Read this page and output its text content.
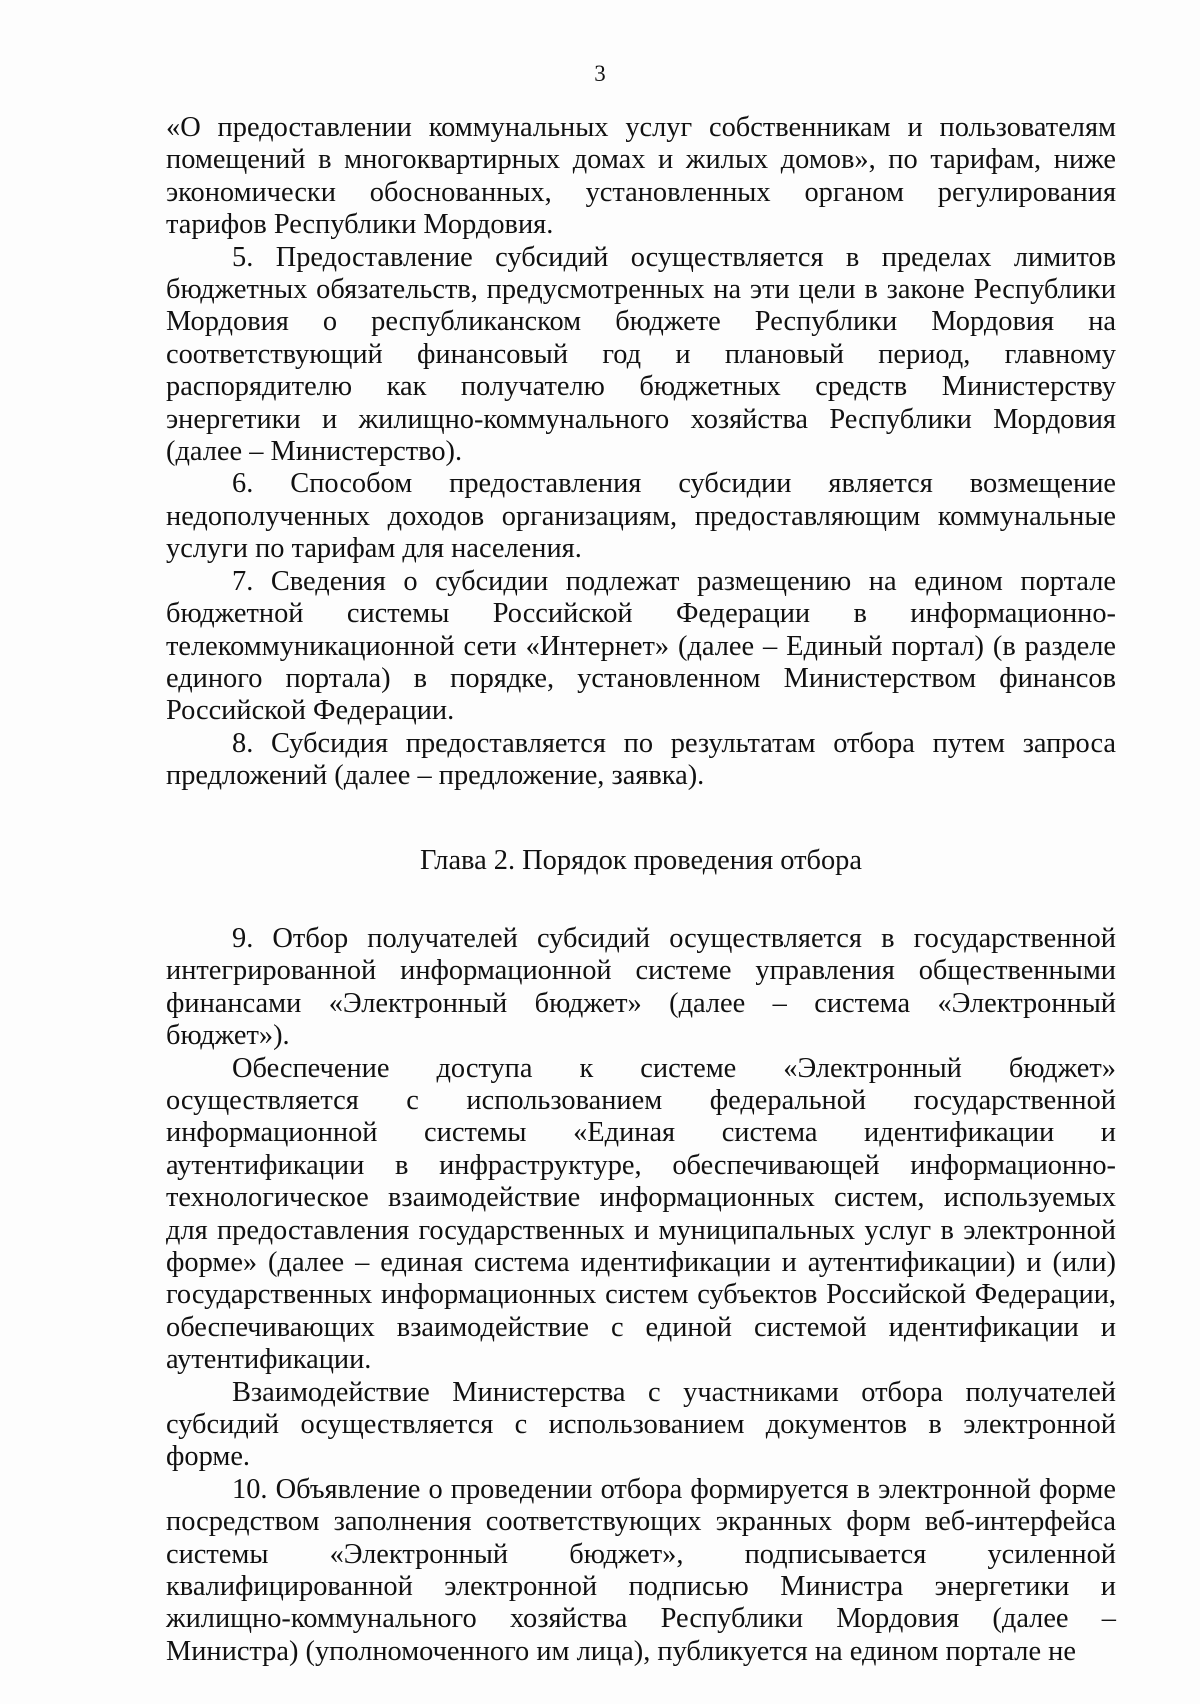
3

«О предоставлении коммунальных услуг собственникам и пользователям помещений в многоквартирных домах и жилых домов», по тарифам, ниже экономически обоснованных, установленных органом регулирования тарифов Республики Мордовия.

5. Предоставление субсидий осуществляется в пределах лимитов бюджетных обязательств, предусмотренных на эти цели в законе Республики Мордовия о республиканском бюджете Республики Мордовия на соответствующий финансовый год и плановый период, главному распорядителю как получателю бюджетных средств Министерству энергетики и жилищно-коммунального хозяйства Республики Мордовия (далее – Министерство).

6. Способом предоставления субсидии является возмещение недополученных доходов организациям, предоставляющим коммунальные услуги по тарифам для населения.

7. Сведения о субсидии подлежат размещению на едином портале бюджетной системы Российской Федерации в информационно-телекоммуникационной сети «Интернет» (далее – Единый портал) (в разделе единого портала) в порядке, установленном Министерством финансов Российской Федерации.

8. Субсидия предоставляется по результатам отбора путем запроса предложений (далее – предложение, заявка).

Глава 2. Порядок проведения отбора

9. Отбор получателей субсидий осуществляется в государственной интегрированной информационной системе управления общественными финансами «Электронный бюджет» (далее – система «Электронный бюджет»).

Обеспечение доступа к системе «Электронный бюджет» осуществляется с использованием федеральной государственной информационной системы «Единая система идентификации и аутентификации в инфраструктуре, обеспечивающей информационно-технологическое взаимодействие информационных систем, используемых для предоставления государственных и муниципальных услуг в электронной форме» (далее – единая система идентификации и аутентификации) и (или) государственных информационных систем субъектов Российской Федерации, обеспечивающих взаимодействие с единой системой идентификации и аутентификации.

Взаимодействие Министерства с участниками отбора получателей субсидий осуществляется с использованием документов в электронной форме.

10. Объявление о проведении отбора формируется в электронной форме посредством заполнения соответствующих экранных форм веб-интерфейса системы «Электронный бюджет», подписывается усиленной квалифицированной электронной подписью Министра энергетики и жилищно-коммунального хозяйства Республики Мордовия (далее – Министра) (уполномоченного им лица), публикуется на едином портале не
